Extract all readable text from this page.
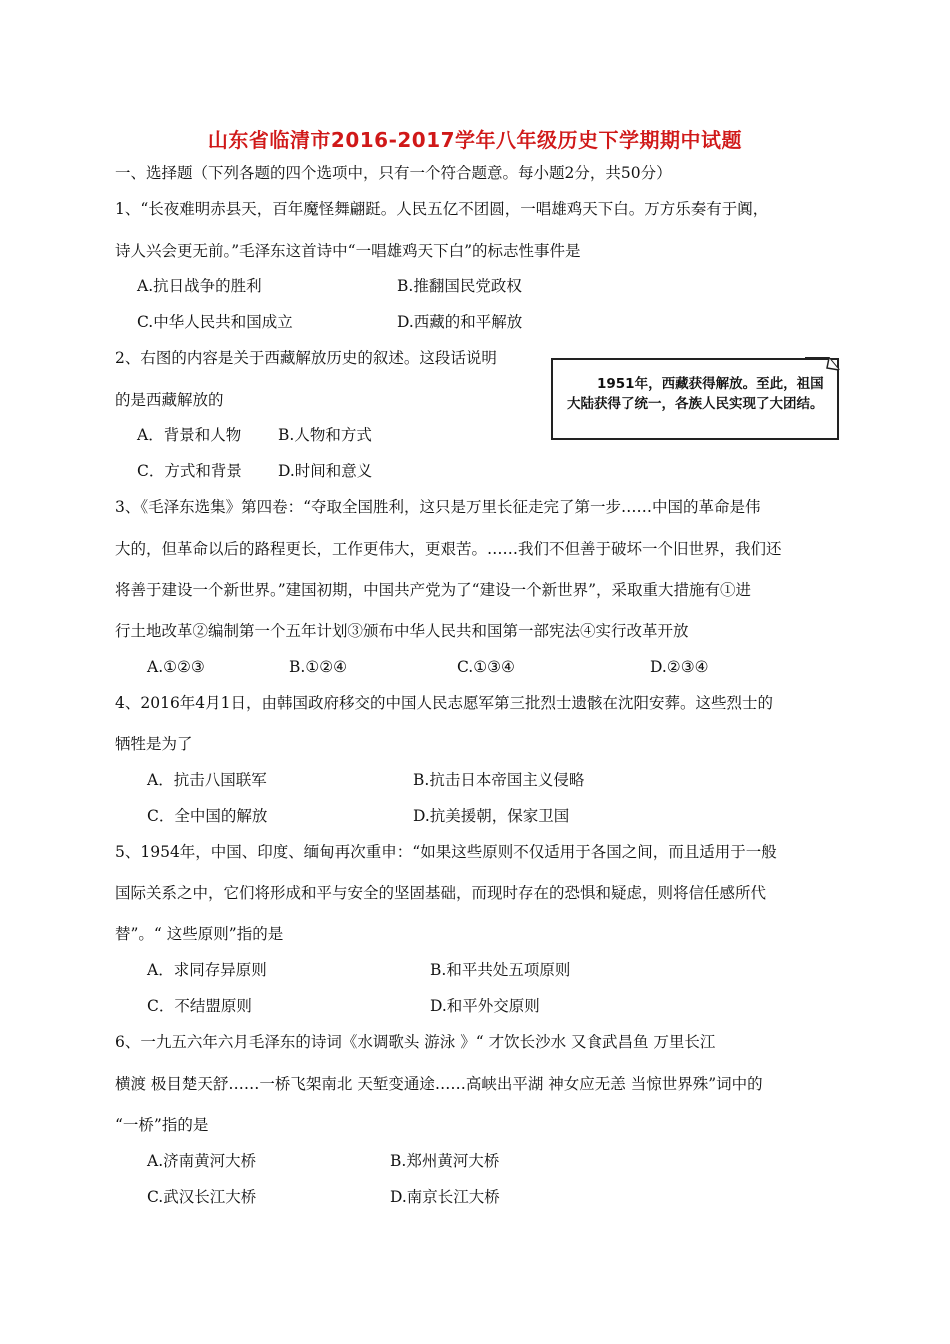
山东省临清市2016-2017学年八年级历史下学期期中试题
一、选择题（下列各题的四个选项中，只有一个符合题意。每小题2分，共50分）
1、“长夜难明赤县天，百年魔怪舞翩跹。人民五亿不团圆，一唱雄鸡天下白。万方乐奏有于阗，
诗人兴会更无前。”毛泽东这首诗中“一唱雄鸡天下白”的标志性事件是
A.抗日战争的胜利	B.推翻国民党政权
C.中华人民共和国成立	D.西藏的和平解放
2、右图的内容是关于西藏解放历史的叙述。这段话说明
的是西藏解放的
A．背景和人物 B.人物和方式
C．方式和背景 D.时间和意义
1951年，西藏获得解放。至此，祖国大陆获得了统一，各族人民实现了大团结。
3、《毛泽东选集》第四卷：“夺取全国胜利，这只是万里长征走完了第一步……中国的革命是伟
大的，但革命以后的路程更长，工作更伟大，更艰苦。……我们不但善于破坏一个旧世界，我们还
将善于建设一个新世界。”建国初期，中国共产党为了“建设一个新世界”，采取重大措施有①进
行土地改革②编制第一个五年计划③颁布中华人民共和国第一部宪法④实行改革开放
A.①②③	B.①②④	C.①③④	D.②③④
4、2016年4月1日，由韩国政府移交的中国人民志愿军第三批烈士遗骸在沈阳安葬。这些烈士的
牺牲是为了
A．抗击八国联军	B.抗击日本帝国主义侵略
C．全中国的解放	D.抗美援朝，保家卫国
5、1954年，中国、印度、缅甸再次重申：“如果这些原则不仅适用于各国之间，而且适用于一般
国际关系之中，它们将形成和平与安全的坚固基础，而现时存在的恐惧和疑虑，则将信任感所代
替”。“ 这些原则”指的是
A．求同存异原则	B.和平共处五项原则
C．不结盟原则	D.和平外交原则
6、一九五六年六月毛泽东的诗词《水调歌头 游泳 》“ 才饮长沙水 又食武昌鱼 万里长江
横渡 极目楚天舒……一桥飞架南北 天堑变通途……高峡出平湖 神女应无恙 当惊世界殊”词中的
“一桥”指的是
A.济南黄河大桥	B.郑州黄河大桥
C.武汉长江大桥	D.南京长江大桥
